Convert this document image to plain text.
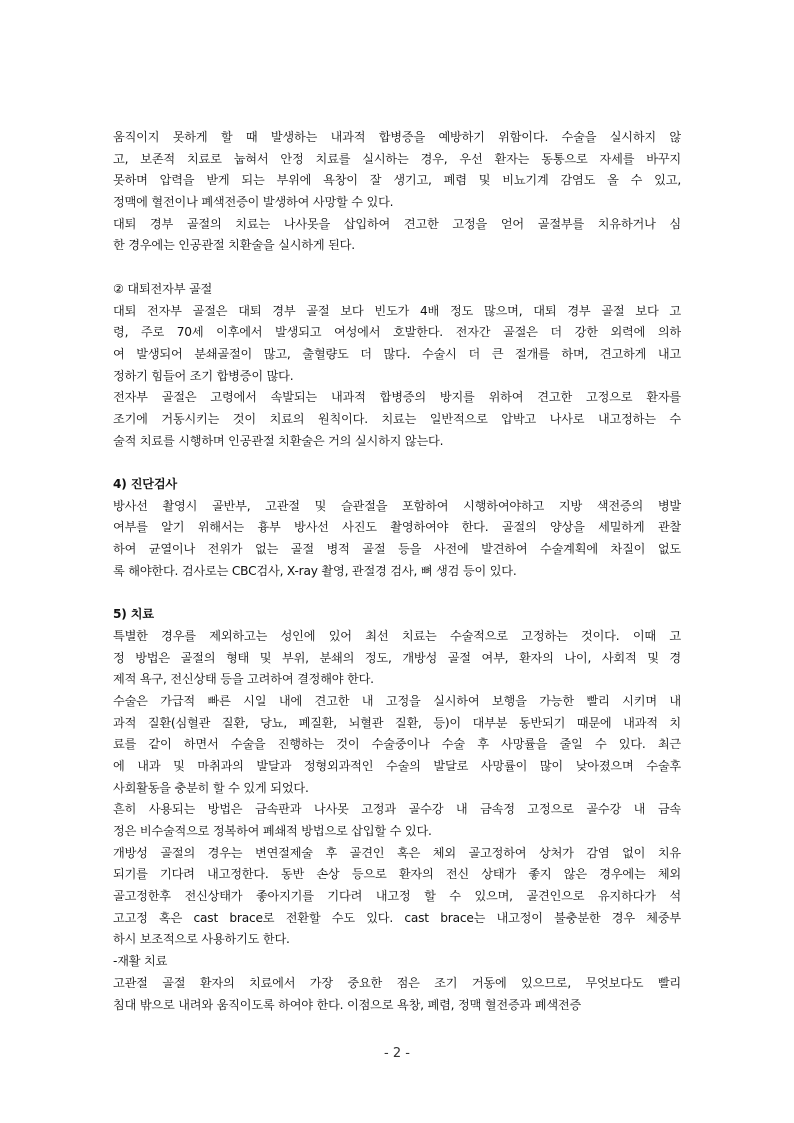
움직이지 못하게 할 때 발생하는 내과적 합병증을 예방하기 위함이다. 수술을 실시하지 않
고, 보존적 치료로 눕혀서 안정 치료를 실시하는 경우, 우선 환자는 동통으로 자세를 바꾸지
못하며 압력을 받게 되는 부위에 욕창이 잘 생기고, 폐렴 및 비뇨기계 감염도 올 수 있고,
정맥에 혈전이나 폐색전증이 발생하여 사망할 수 있다.
대퇴 경부 골절의 치료는 나사못을 삽입하여 견고한 고정을 얻어 골절부를 치유하거나 심
한 경우에는 인공관절 치환술을 실시하게 된다.
② 대퇴전자부 골절
대퇴 전자부 골절은 대퇴 경부 골절 보다 빈도가 4배 정도 많으며, 대퇴 경부 골절 보다 고
령, 주로 70세 이후에서 발생되고 여성에서 호발한다. 전자간 골절은 더 강한 외력에 의하
여 발생되어 분쇄골절이 많고, 출혈량도 더 많다. 수술시 더 큰 절개를 하며, 견고하게 내고
정하기 힘들어 조기 합병증이 많다.
전자부 골절은 고령에서 속발되는 내과적 합병증의 방지를 위하여 견고한 고정으로 환자를
조기에 거동시키는 것이 치료의 원칙이다. 치료는 일반적으로 압박고 나사로 내고정하는 수
술적 치료를 시행하며 인공관절 치환술은 거의 실시하지 않는다.
4) 진단검사
방사선 촬영시 골반부, 고관절 및 슬관절을 포함하여 시행하여야하고 지방 색전증의 병발
여부를 알기 위해서는 흉부 방사선 사진도 촬영하여야 한다. 골절의 양상을 세밀하게 관찰
하여 균열이나 전위가 없는 골절 병적 골절 등을 사전에 발견하여 수술계획에 차질이 없도
록 해야한다. 검사로는 CBC검사, X-ray 촬영, 관절경 검사, 뼈 생검 등이 있다.
5) 치료
특별한 경우를 제외하고는 성인에 있어 최선 치료는 수술적으로 고정하는 것이다. 이때 고
정 방법은 골절의 형태 및 부위, 분쇄의 정도, 개방성 골절 여부, 환자의 나이, 사회적 및 경
제적 욕구, 전신상태 등을 고려하여 결정해야 한다.
수술은 가급적 빠른 시일 내에 견고한 내 고정을 실시하여 보행을 가능한 빨리 시키며 내
과적 질환(심혈관 질환, 당뇨, 폐질환, 뇌혈관 질환, 등)이 대부분 동반되기 때문에 내과적 치
료를 같이 하면서 수술을 진행하는 것이 수술중이나 수술 후 사망률을 줄일 수 있다. 최근
에 내과 및 마취과의 발달과 정형외과적인 수술의 발달로 사망률이 많이 낮아졌으며 수술후
사회활동을 충분히 할 수 있게 되었다.
흔히 사용되는 방법은 금속판과 나사못 고정과 골수강 내 금속정 고정으로 골수강 내 금속
정은 비수술적으로 정복하여 폐쇄적 방법으로 삽입할 수 있다.
개방성 골절의 경우는 변연절제술 후 골견인 혹은 체외 골고정하여 상처가 감염 없이 치유
되기를 기다려 내고정한다. 동반 손상 등으로 환자의 전신 상태가 좋지 않은 경우에는 체외
골고정한후 전신상태가 좋아지기를 기다려 내고정 할 수 있으며, 골견인으로 유지하다가 석
고고정 혹은 cast brace로 전환할 수도 있다. cast brace는 내고정이 불충분한 경우 체중부
하시 보조적으로 사용하기도 한다.
-재활 치료
고관절 골절 환자의 치료에서 가장 중요한 점은 조기 거동에 있으므로, 무엇보다도 빨리
침대 밖으로 내려와 움직이도록 하여야 한다. 이점으로 욕창, 폐렴, 정맥 혈전증과 폐색전증
- 2 -
